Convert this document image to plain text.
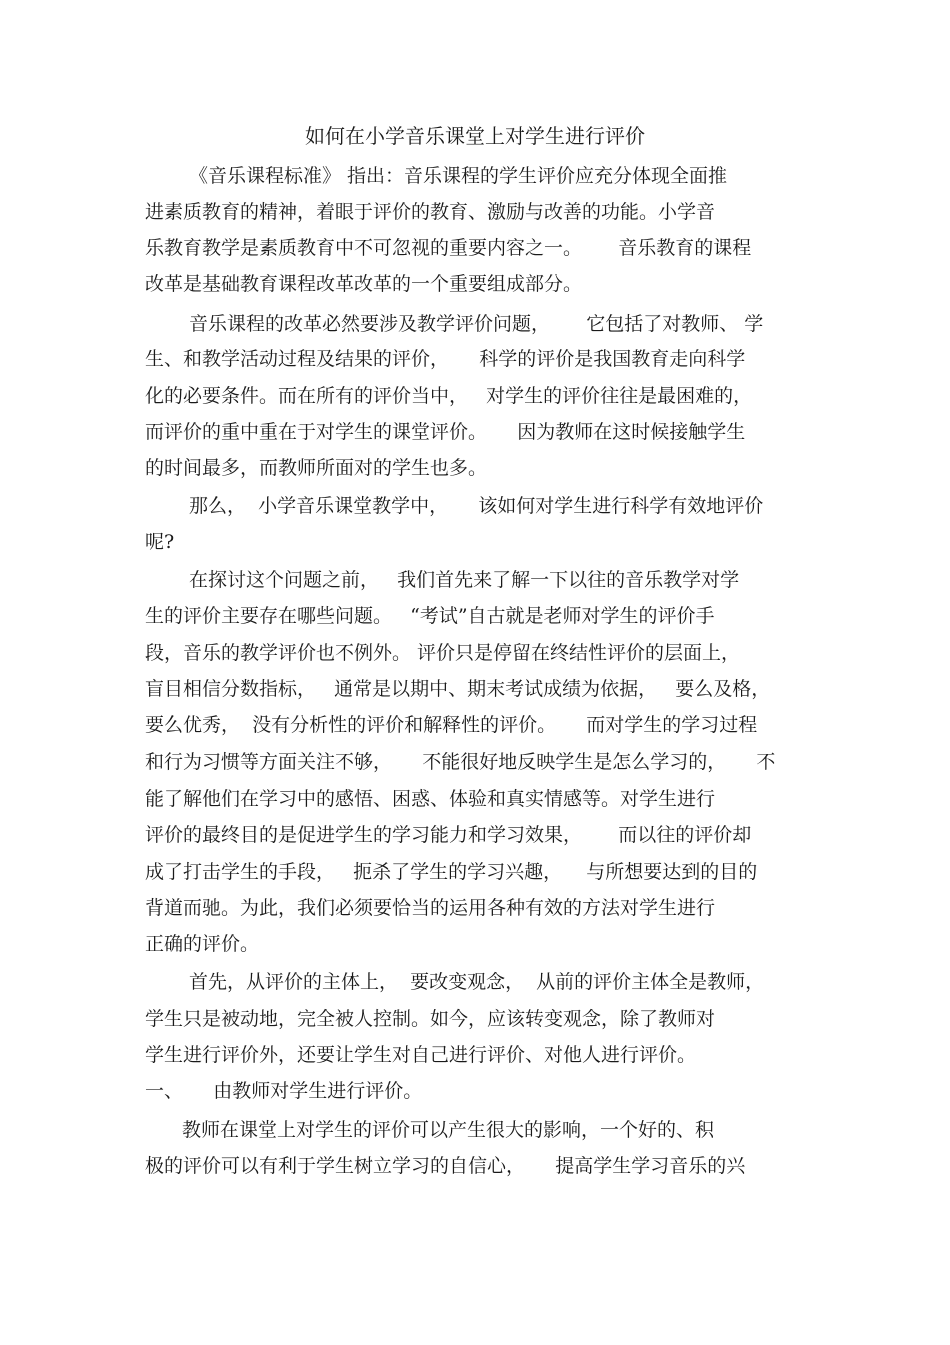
如何在小学音乐课堂上对学生进行评价
《音乐课程标准》 指出：音乐课程的学生评价应充分体现全面推
进素质教育的精神，着眼于评价的教育、激励与改善的功能。小学音
乐教育教学是素质教育中不可忽视的重要内容之一。      音乐教育的课程
改革是基础教育课程改革改革的一个重要组成部分。
音乐课程的改革必然要涉及教学评价问题，      它包括了对教师、 学
生、和教学活动过程及结果的评价，     科学的评价是我国教育走向科学
化的必要条件。而在所有的评价当中，   对学生的评价往往是最困难的，
而评价的重中重在于对学生的课堂评价。     因为教师在这时候接触学生
的时间最多，而教师所面对的学生也多。
那么，  小学音乐课堂教学中，     该如何对学生进行科学有效地评价
呢?
在探讨这个问题之前，   我们首先来了解一下以往的音乐教学对学
生的评价主要存在哪些问题。   “考试”自古就是老师对学生的评价手
段，音乐的教学评价也不例外。 评价只是停留在终结性评价的层面上，
盲目相信分数指标，   通常是以期中、期末考试成绩为依据，   要么及格，
要么优秀，  没有分析性的评价和解释性的评价。     而对学生的学习过程
和行为习惯等方面关注不够，     不能很好地反映学生是怎么学习的，     不
能了解他们在学习中的感悟、困惑、体验和真实情感等。对学生进行
评价的最终目的是促进学生的学习能力和学习效果，      而以往的评价却
成了打击学生的手段，   扼杀了学生的学习兴趣，    与所想要达到的目的
背道而驰。为此，我们必须要恰当的运用各种有效的方法对学生进行
正确的评价。
首先，从评价的主体上，  要改变观念，  从前的评价主体全是教师，
学生只是被动地，完全被人控制。如今，应该转变观念，除了教师对
学生进行评价外，还要让学生对自己进行评价、对他人进行评价。
一、     由教师对学生进行评价。
教师在课堂上对学生的评价可以产生很大的影响，一个好的、积
极的评价可以有利于学生树立学习的自信心，     提高学生学习音乐的兴
